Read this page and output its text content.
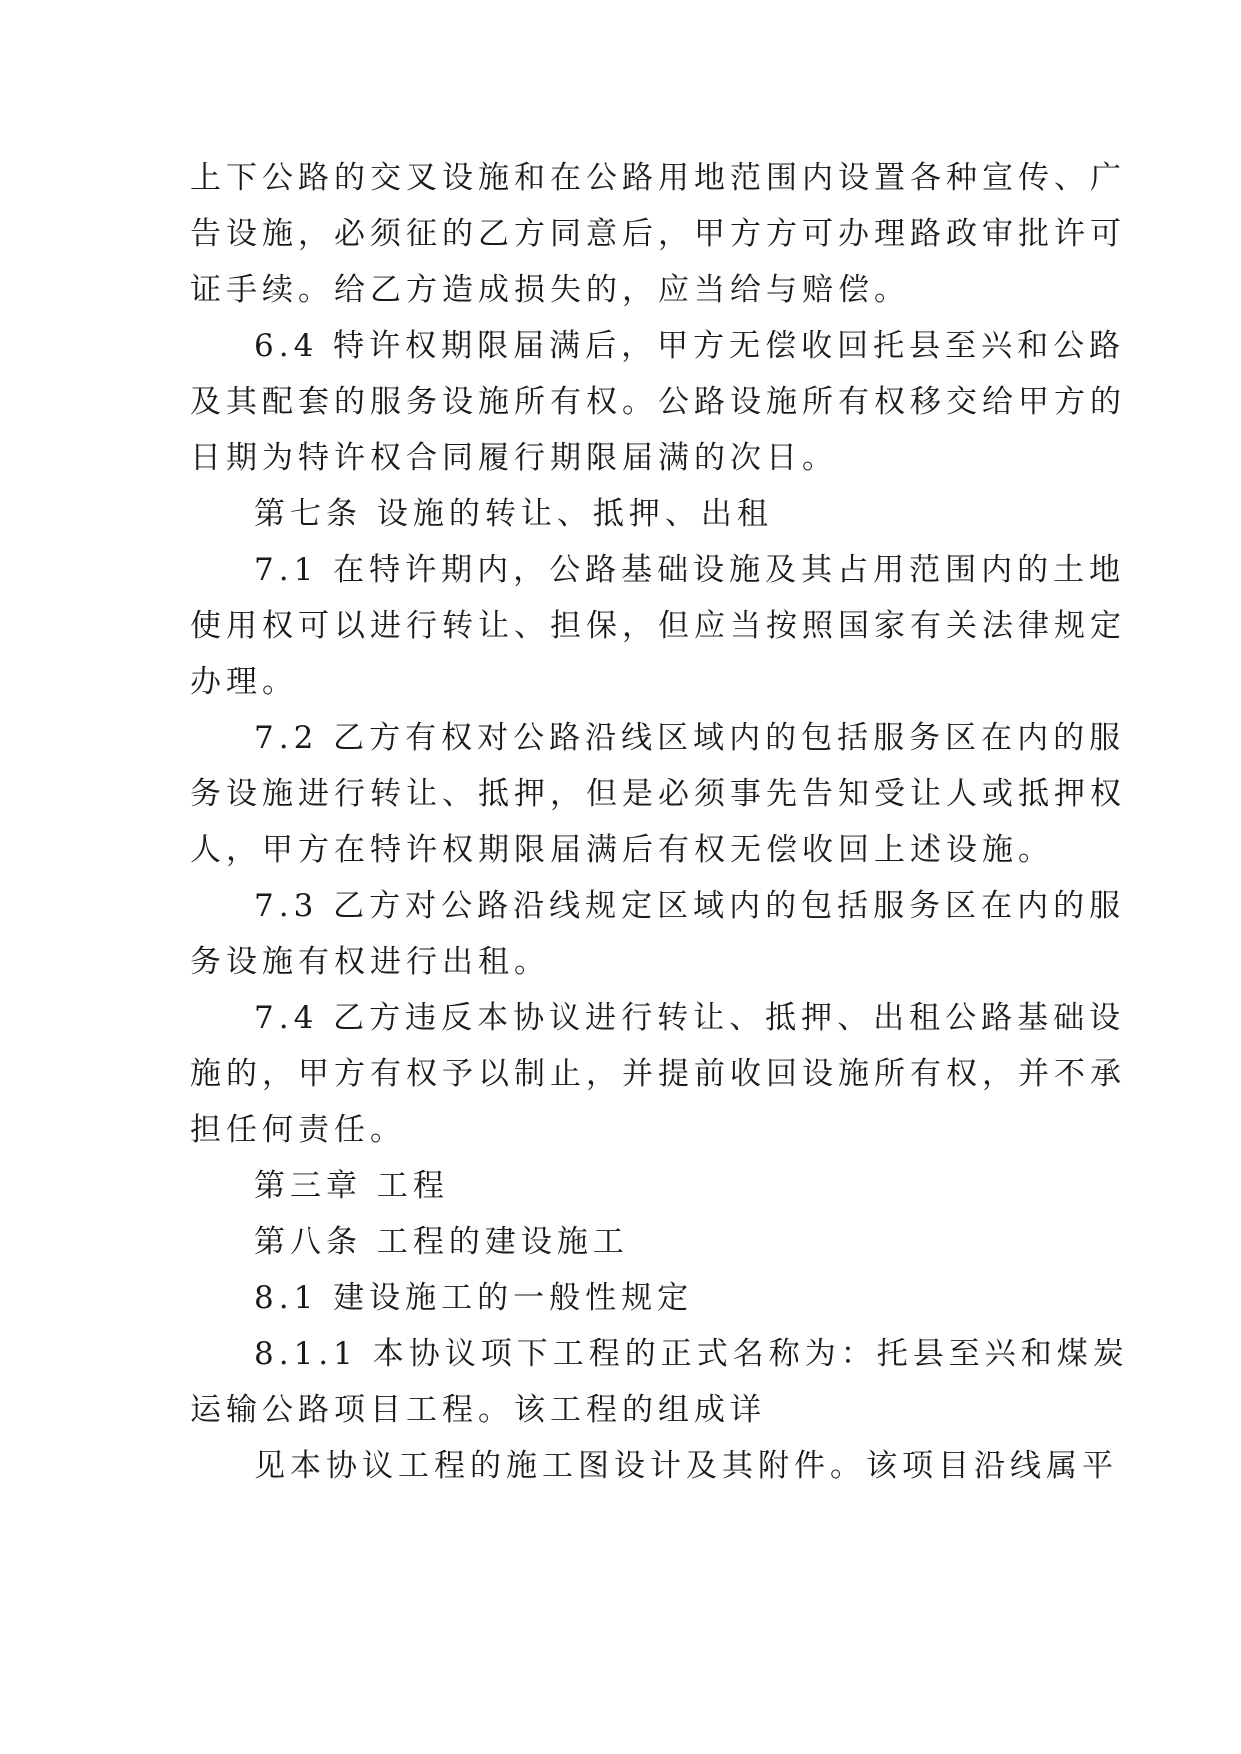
上下公路的交叉设施和在公路用地范围内设置各种宣传、广
告设施，必须征的乙方同意后，甲方方可办理路政审批许可
证手续。给乙方造成损失的，应当给与赔偿。
6.4 特许权期限届满后，甲方无偿收回托县至兴和公路
及其配套的服务设施所有权。公路设施所有权移交给甲方的
日期为特许权合同履行期限届满的次日。
第七条 设施的转让、抵押、出租
7.1 在特许期内，公路基础设施及其占用范围内的土地
使用权可以进行转让、担保，但应当按照国家有关法律规定
办理。
7.2 乙方有权对公路沿线区域内的包括服务区在内的服
务设施进行转让、抵押，但是必须事先告知受让人或抵押权
人，甲方在特许权期限届满后有权无偿收回上述设施。
7.3 乙方对公路沿线规定区域内的包括服务区在内的服
务设施有权进行出租。
7.4 乙方违反本协议进行转让、抵押、出租公路基础设
施的，甲方有权予以制止，并提前收回设施所有权，并不承
担任何责任。
第三章 工程
第八条 工程的建设施工
8.1 建设施工的一般性规定
8.1.1 本协议项下工程的正式名称为：托县至兴和煤炭
运输公路项目工程。该工程的组成详
见本协议工程的施工图设计及其附件。该项目沿线属平
